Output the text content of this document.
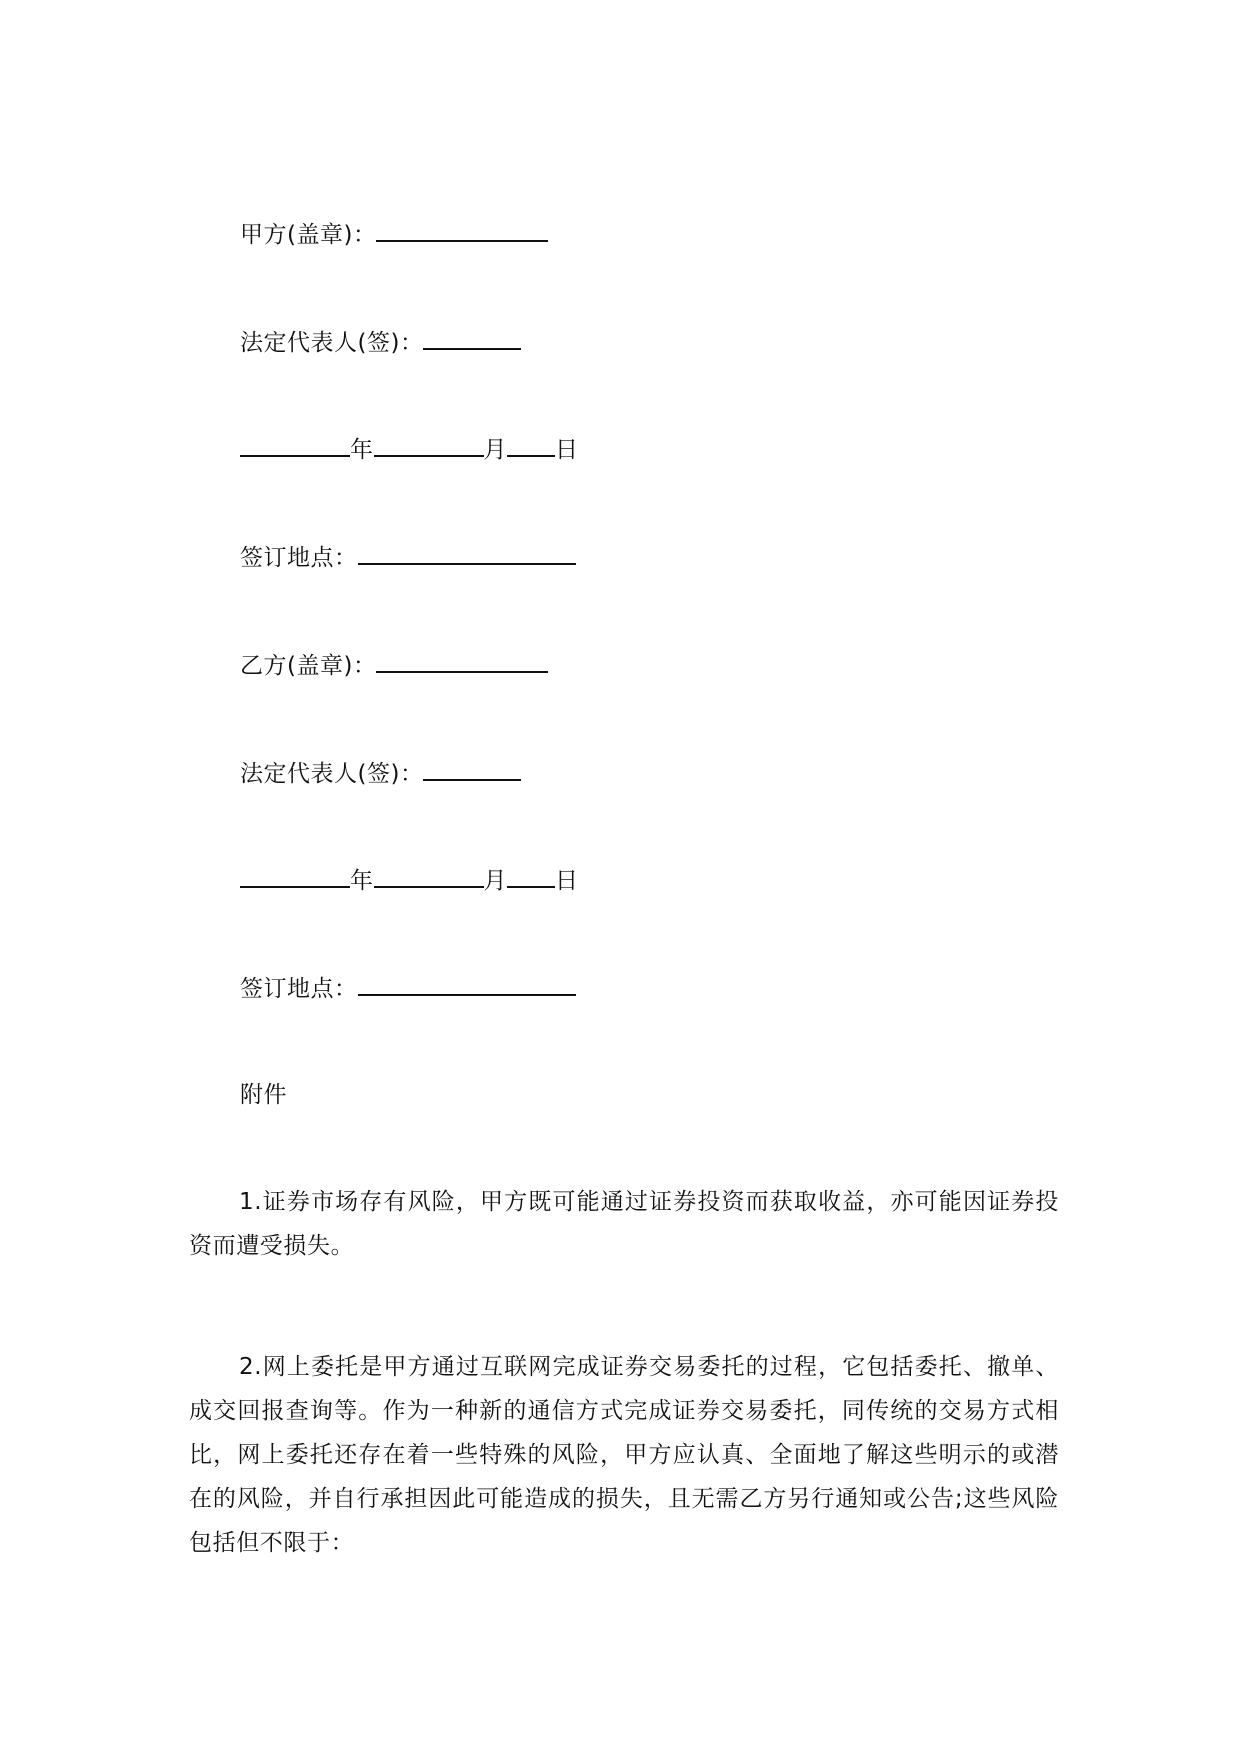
甲方(盖章)：
法定代表人(签)：
年	月 日
签订地点：
乙方(盖章)：
法定代表人(签)：
年	月 日
签订地点：
附件
1.证券市场存有风险，甲方既可能通过证券投资而获取收益，亦可能因证券投资而遭受损失。
2.网上委托是甲方通过互联网完成证券交易委托的过程，它包括委托、撤单、成交回报查询等。作为一种新的通信方式完成证券交易委托，同传统的交易方式相比，网上委托还存在着一些特殊的风险，甲方应认真、全面地了解这些明示的或潜在的风险，并自行承担因此可能造成的损失，且无需乙方另行通知或公告;这些风险包括但不限于：
